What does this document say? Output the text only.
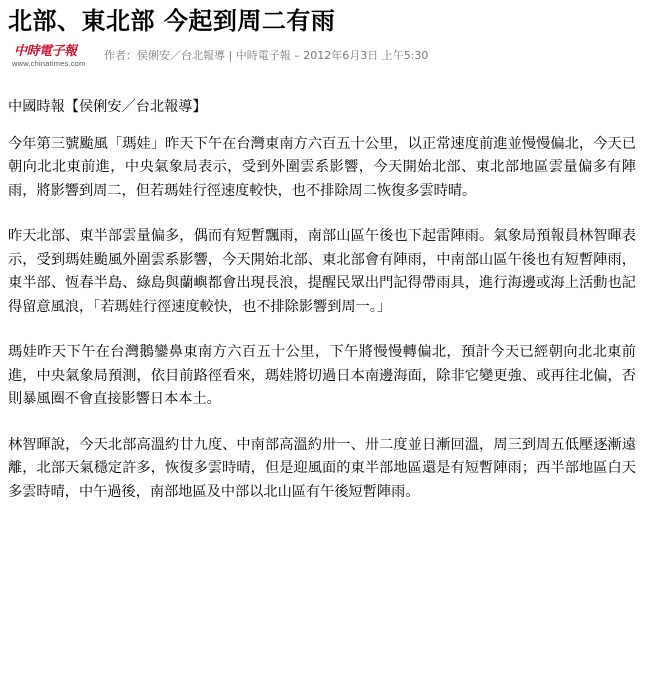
北部、東北部 今起到周二有雨
中時電子報
www.chinatimes.com
作者：侯俐安／台北報導 | 中時電子報 – 2012年6月3日 上午5:30

中國時報【侯俐安／台北報導】

今年第三號颱風「瑪娃」昨天下午在台灣東南方六百五十公里，以正常速度前進並慢慢偏北，今天已朝向北北東前進，中央氣象局表示，受到外圍雲系影響，今天開始北部、東北部地區雲量偏多有陣雨，將影響到周二，但若瑪娃行徑速度較快，也不排除周二恢復多雲時晴。

昨天北部、東半部雲量偏多，偶而有短暫飄雨，南部山區午後也下起雷陣雨。氣象局預報員林智暉表示，受到瑪娃颱風外圍雲系影響，今天開始北部、東北部會有陣雨，中南部山區午後也有短暫陣雨，東半部、恆春半島、綠島與蘭嶼都會出現長浪，提醒民眾出門記得帶雨具，進行海邊或海上活動也記得留意風浪，「若瑪娃行徑速度較快，也不排除影響到周一。」

瑪娃昨天下午在台灣鵝鑾鼻東南方六百五十公里，下午將慢慢轉偏北，預計今天已經朝向北北東前進，中央氣象局預測，依目前路徑看來，瑪娃將切過日本南邊海面，除非它變更強、或再往北偏，否則暴風圈不會直接影響日本本土。

林智暉說，今天北部高溫約廿九度、中南部高溫約卅一、卅二度並日漸回溫，周三到周五低壓逐漸遠離，北部天氣穩定許多，恢復多雲時晴，但是迎風面的東半部地區還是有短暫陣雨；西半部地區白天多雲時晴，中午過後，南部地區及中部以北山區有午後短暫陣雨。
